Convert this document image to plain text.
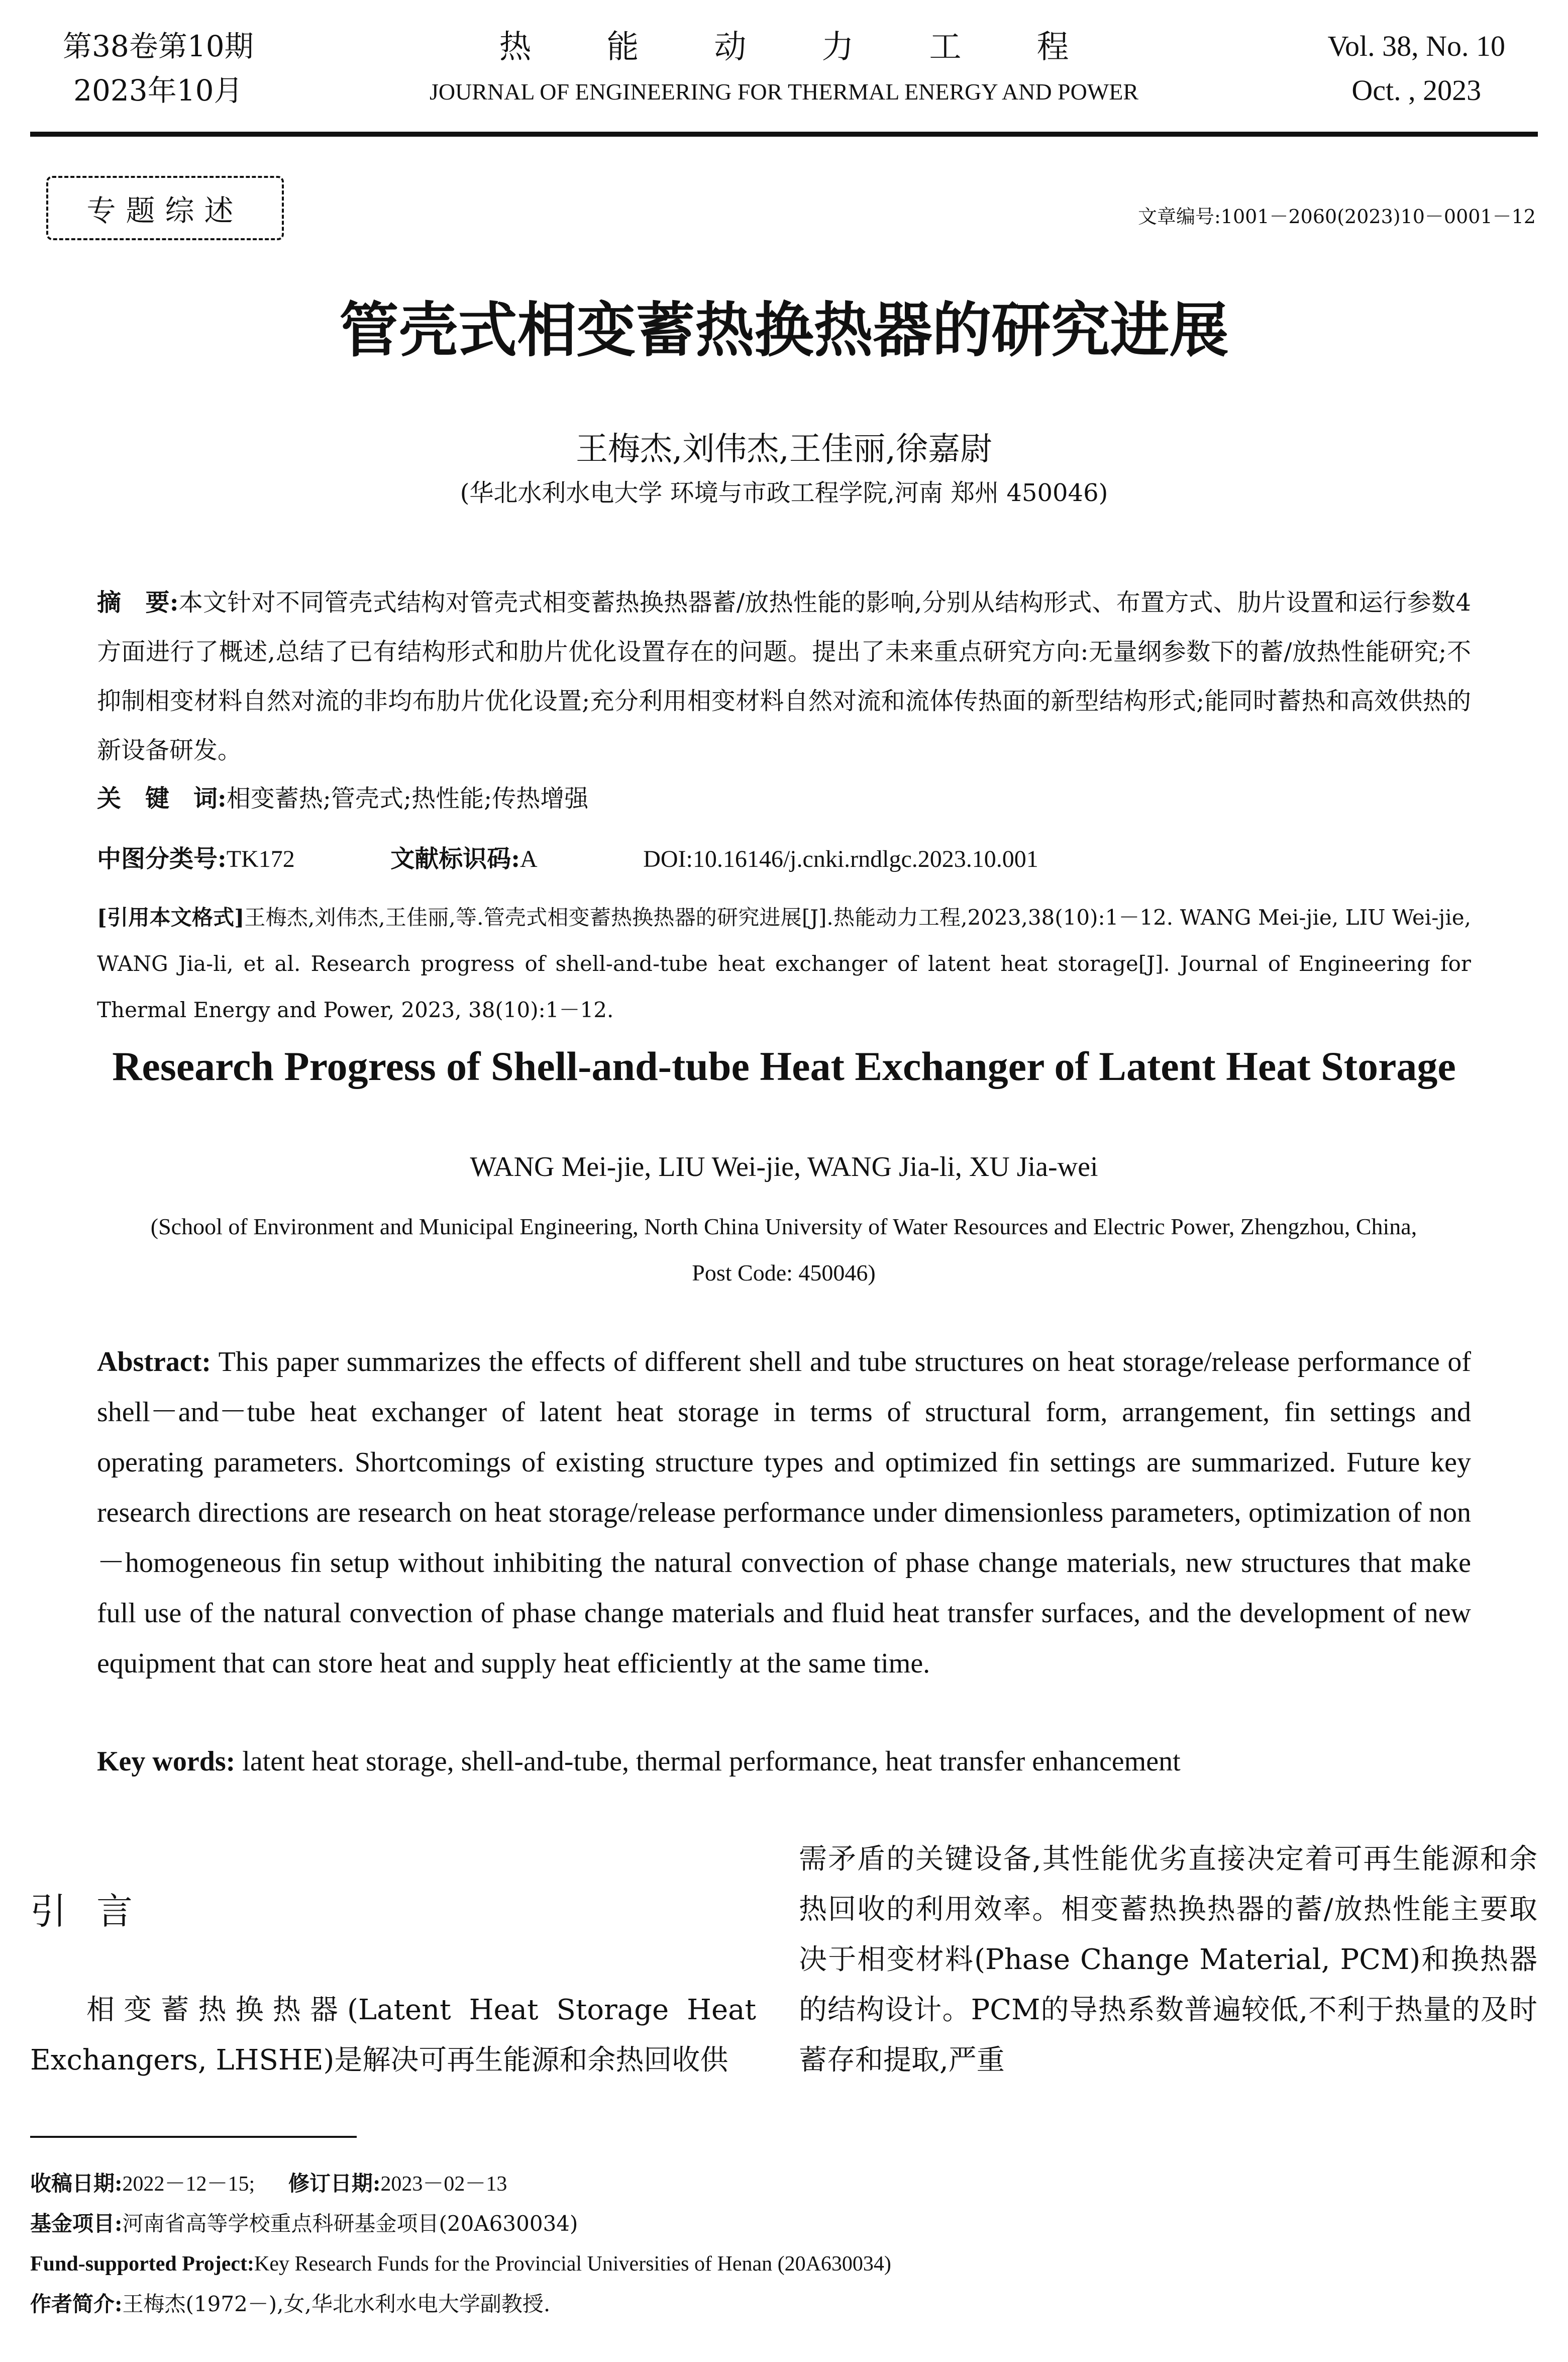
第38卷第10期
2023年10月
热能动力工程
JOURNAL OF ENGINEERING FOR THERMAL ENERGY AND POWER
Vol. 38, No. 10
Oct. , 2023
专题综述	文章编号:1001－2060(2023)10－0001－12
管壳式相变蓄热换热器的研究进展
王梅杰,刘伟杰,王佳丽,徐嘉尉
(华北水利水电大学 环境与市政工程学院,河南 郑州 450046)
摘　要:本文针对不同管壳式结构对管壳式相变蓄热换热器蓄/放热性能的影响,分别从结构形式、布置方式、肋片设置和运行参数4方面进行了概述,总结了已有结构形式和肋片优化设置存在的问题。提出了未来重点研究方向:无量纲参数下的蓄/放热性能研究;不抑制相变材料自然对流的非均布肋片优化设置;充分利用相变材料自然对流和流体传热面的新型结构形式;能同时蓄热和高效供热的新设备研发。
关　键　词:相变蓄热;管壳式;热性能;传热增强
中图分类号:TK172	文献标识码:A	DOI:10.16146/j.cnki.rndlgc.2023.10.001
[引用本文格式]王梅杰,刘伟杰,王佳丽,等.管壳式相变蓄热换热器的研究进展[J].热能动力工程,2023,38(10):1－12. WANG Mei-jie, LIU Wei-jie, WANG Jia-li, et al. Research progress of shell-and-tube heat exchanger of latent heat storage[J]. Journal of Engineering for Thermal Energy and Power, 2023, 38(10):1－12.
Research Progress of Shell-and-tube Heat Exchanger of Latent Heat Storage
WANG Mei-jie, LIU Wei-jie, WANG Jia-li, XU Jia-wei
(School of Environment and Municipal Engineering, North China University of Water Resources and Electric Power, Zhengzhou, China, Post Code: 450046)
Abstract: This paper summarizes the effects of different shell and tube structures on heat storage/release performance of shell－and－tube heat exchanger of latent heat storage in terms of structural form, arrangement, fin settings and operating parameters. Shortcomings of existing structure types and optimized fin settings are summarized. Future key research directions are research on heat storage/release performance under dimensionless parameters, optimization of non－homogeneous fin setup without inhibiting the natural convection of phase change materials, new structures that make full use of the natural convection of phase change materials and fluid heat transfer surfaces, and the development of new equipment that can store heat and supply heat efficiently at the same time.
Key words: latent heat storage, shell-and-tube, thermal performance, heat transfer enhancement
引言
相变蓄热换热器(Latent Heat Storage Heat Exchangers, LHSHE)是解决可再生能源和余热回收供
需矛盾的关键设备,其性能优劣直接决定着可再生能源和余热回收的利用效率。相变蓄热换热器的蓄/放热性能主要取决于相变材料(Phase Change Material, PCM)和换热器的结构设计。PCM的导热系数普遍较低,不利于热量的及时蓄存和提取,严重
收稿日期:2022－12－15; 修订日期:2023－02－13
基金项目:河南省高等学校重点科研基金项目(20A630034)
Fund-supported Project:Key Research Funds for the Provincial Universities of Henan (20A630034)
作者简介:王梅杰(1972－),女,华北水利水电大学副教授.
